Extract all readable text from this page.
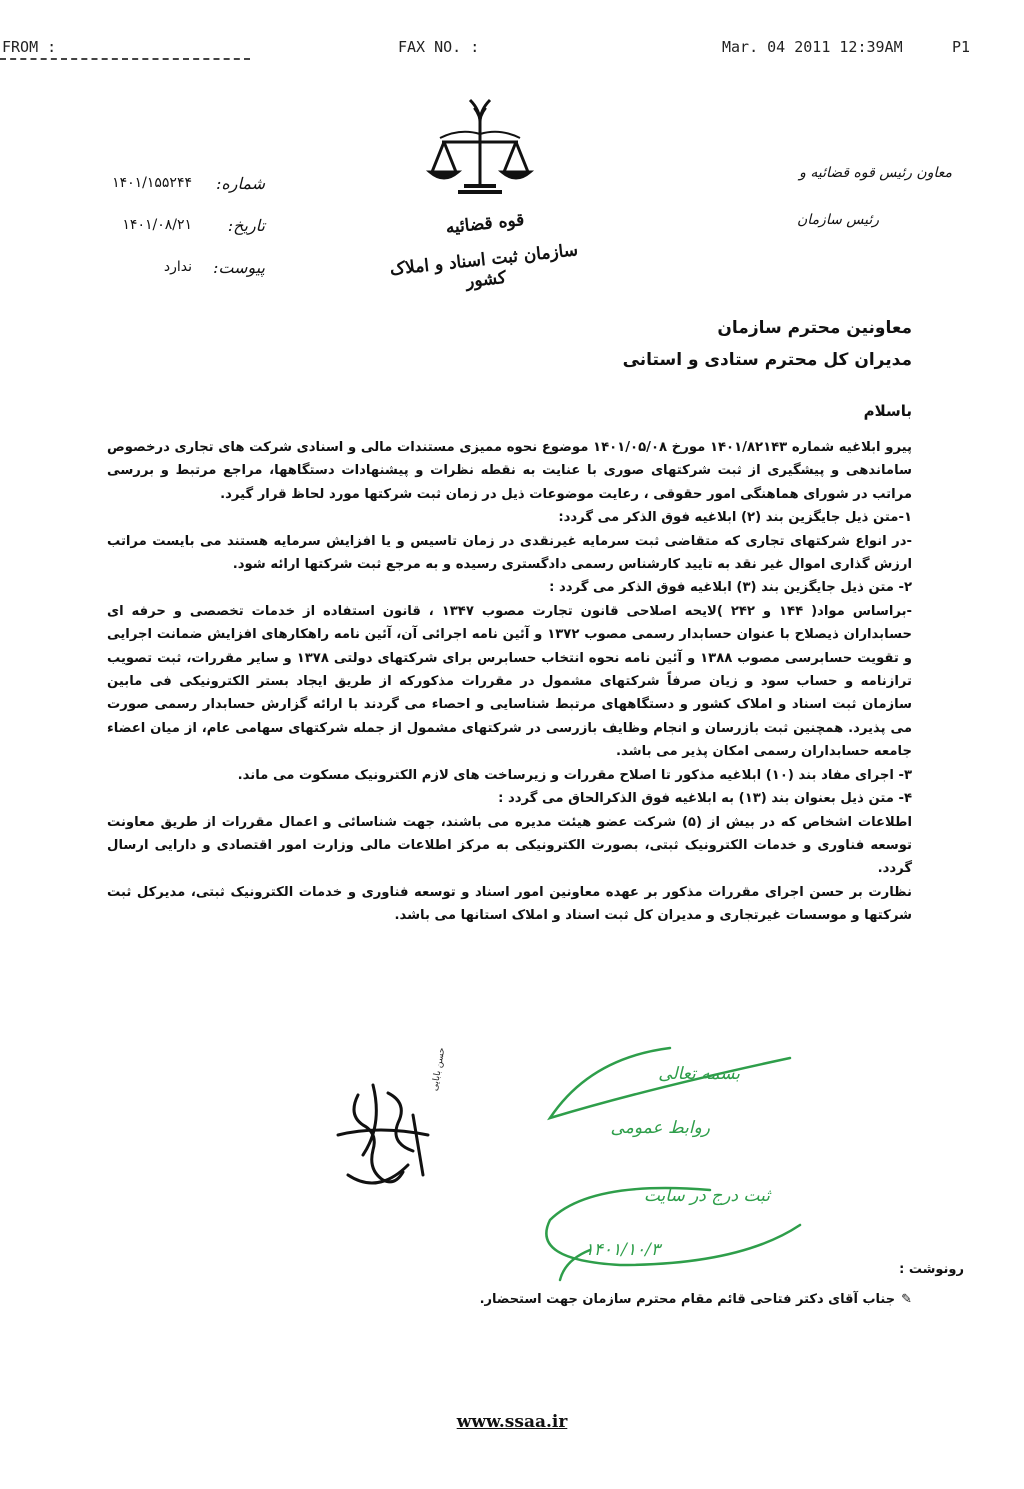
FROM :	FAX NO. :	Mar. 04 2011 12:39AM	P1
قوه قضائیه
سازمان ثبت اسناد و املاک کشور
شماره:
۱۴۰۱/۱۵۵۲۴۴
تاریخ:
۱۴۰۱/۰۸/۲۱
پیوست:
ندارد
معاون رئیس قوه قضائیه و
رئیس سازمان
معاونین محترم سازمان
مدیران کل محترم ستادی و استانی
باسلام
پیرو ابلاغیه شماره ۱۴۰۱/۸۲۱۴۳ مورخ ۱۴۰۱/۰۵/۰۸ موضوع نحوه ممیزی مستندات مالی و اسنادی شرکت های تجاری درخصوص ساماندهی و پیشگیری از ثبت شرکتهای صوری با عنایت به نقطه نظرات و پیشنهادات دستگاهها، مراجع مرتبط و بررسی مراتب در شورای هماهنگی امور حقوقی ، رعایت موضوعات ذیل در زمان ثبت شرکتها مورد لحاظ قرار گیرد.
۱-متن ذیل جایگزین بند (۲) ابلاغیه فوق الذکر می گردد:
-در انواع شرکتهای تجاری که متقاضی ثبت سرمایه غیرنقدی در زمان تاسیس و یا افزایش سرمایه هستند می بایست مراتب ارزش گذاری اموال غیر نقد به تایید کارشناس رسمی دادگستری رسیده و به مرجع ثبت شرکتها ارائه شود.
۲- متن ذیل جایگزین بند (۳) ابلاغیه فوق الذکر می گردد :
-براساس مواد( ۱۴۴ و ۲۴۲ )لایحه اصلاحی قانون تجارت مصوب ۱۳۴۷ ، قانون استفاده از خدمات تخصصی و حرفه ای حسابداران ذیصلاح با عنوان حسابدار رسمی مصوب ۱۳۷۲ و آئین نامه اجرائی آن، آئین نامه راهکارهای افزایش ضمانت اجرایی و تقویت حسابرسی مصوب ۱۳۸۸ و آئین نامه نحوه انتخاب حسابرس برای شرکتهای دولتی ۱۳۷۸ و سایر مقررات، ثبت تصویب ترازنامه و حساب سود و زیان صرفاً شرکتهای مشمول در مقررات مذکورکه از طریق ایجاد بستر الکترونیکی فی مابین سازمان ثبت اسناد و املاک کشور و دستگاههای مرتبط شناسایی و احصاء می گردند با ارائه گزارش حسابدار رسمی صورت می پذیرد. همچنین ثبت بازرسان و انجام وظایف بازرسی در شرکتهای مشمول از جمله شرکتهای سهامی عام، از میان اعضاء جامعه حسابداران رسمی امکان پذیر می باشد.
۳- اجرای مفاد بند (۱۰) ابلاغیه مذکور تا اصلاح مقررات و زیرساخت های لازم الکترونیک مسکوت می ماند.
۴- متن ذیل بعنوان بند (۱۳) به ابلاغیه فوق الذکرالحاق می گردد :
اطلاعات اشخاص که در بیش از (۵) شرکت عضو هیئت مدیره می باشند، جهت شناسائی و اعمال مقررات از طریق معاونت توسعه فناوری و خدمات الکترونیک ثبتی، بصورت الکترونیکی به مرکز اطلاعات مالی وزارت امور اقتصادی و دارایی ارسال گردد.
نظارت بر حسن اجرای مقررات مذکور بر عهده معاونین امور اسناد و توسعه فناوری و خدمات الکترونیک ثبتی، مدیرکل ثبت شرکتها و موسسات غیرتجاری و مدیران کل ثبت اسناد و املاک استانها می باشد.
حسن بابایی	بسمه تعالی
روابط عمومی
ثبت درج در سایت
۱۴۰۱/۱۰/۳
رونوشت :
✎جناب آقای دکتر فتاحی قائم مقام محترم سازمان جهت استحضار.
www.ssaa.ir
